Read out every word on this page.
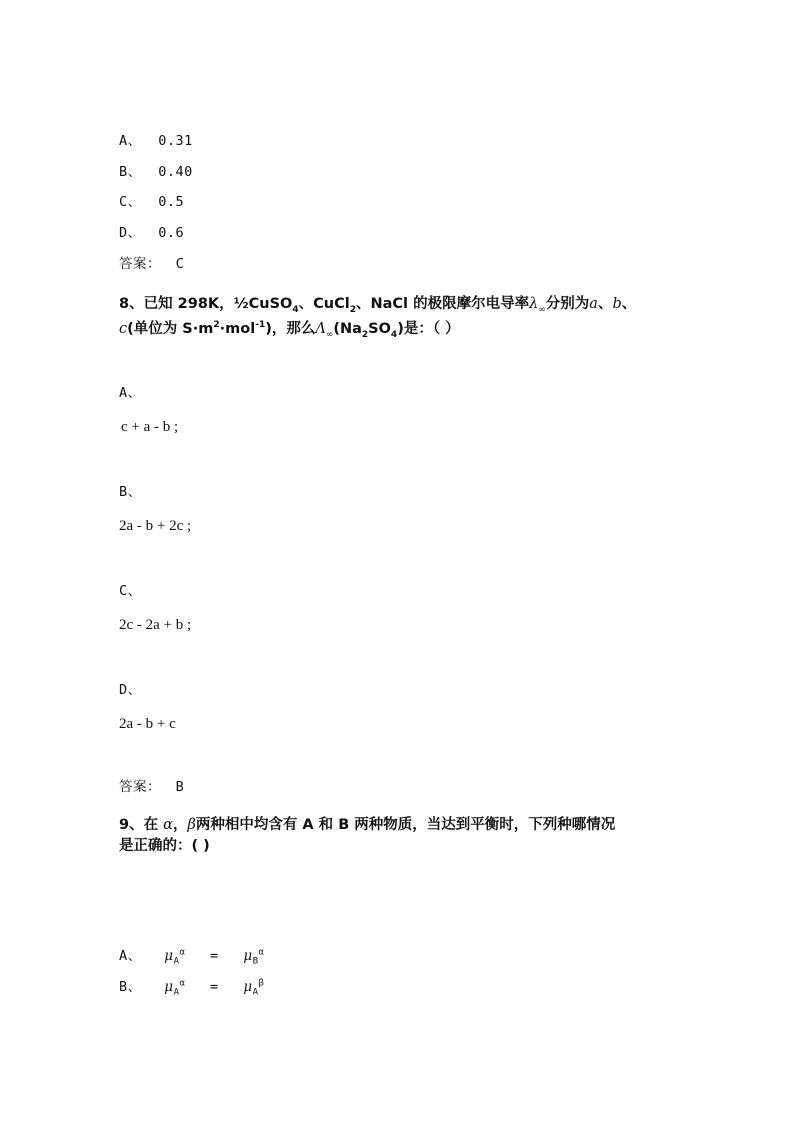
A、 0.31
B、 0.40
C、 0.5
D、 0.6
答案： C
8、已知 298K，½CuSO$_4$、CuCl$_2$、NaCl 的极限摩尔电导率$\lambda_\infty$分别为a、b、
c(单位为 $S\cdot m^2\cdot mol^{-1}$)，那么$\Lambda_\infty(Na_2SO_4)$是：（ ）
A、
c + a - b ;
B、
2a - b + 2c ;
C、
2c - 2a + b ;
D、
2a - b + c
答案： B
9、在 α，β两种相中均含有 A 和 B 两种物质，当达到平衡时，下列种哪情况
是正确的：( )
A、 $\mu_A^\alpha = \mu_B^\alpha$
B、 $\mu_A^\alpha = \mu_A^\beta$
